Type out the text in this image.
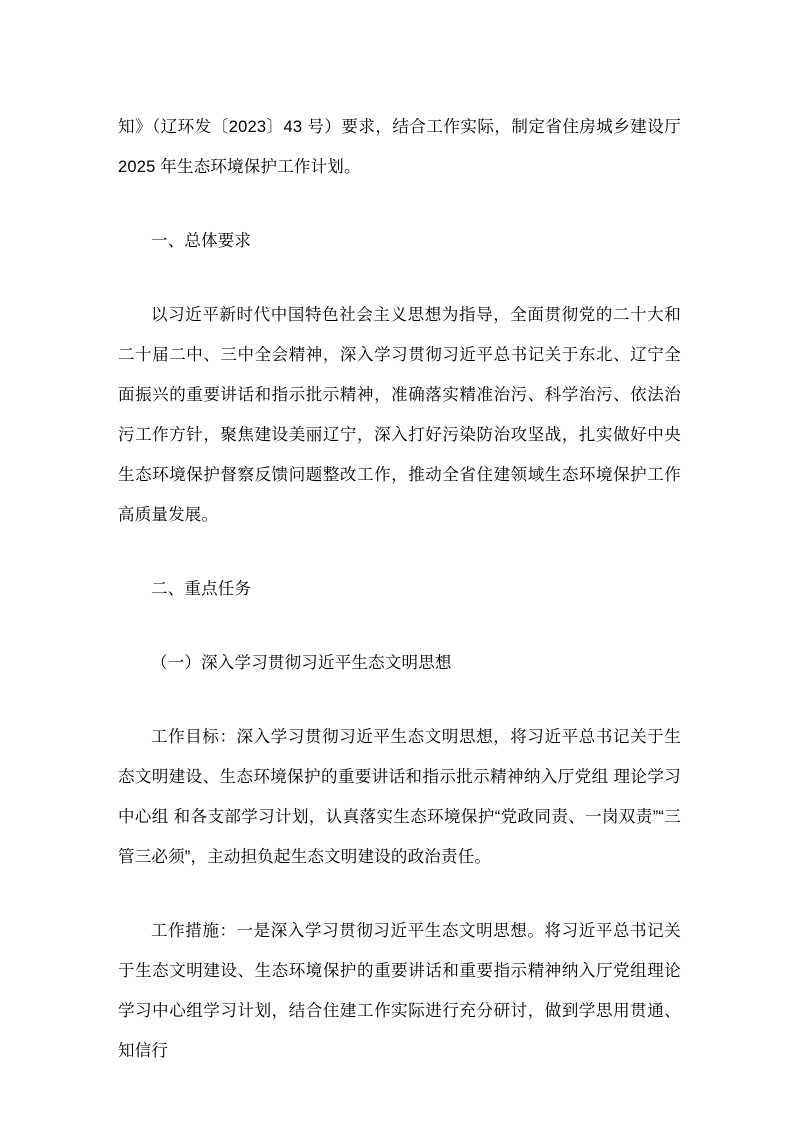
知》（辽环发〔2023〕43 号）要求，结合工作实际，制定省住房城乡建设厅 2025 年生态环境保护工作计划。

一、总体要求

以习近平新时代中国特色社会主义思想为指导，全面贯彻党的二十大和二十届二中、三中全会精神，深入学习贯彻习近平总书记关于东北、辽宁全面振兴的重要讲话和指示批示精神，准确落实精准治污、科学治污、依法治污工作方针，聚焦建设美丽辽宁，深入打好污染防治攻坚战，扎实做好中央生态环境保护督察反馈问题整改工作，推动全省住建领域生态环境保护工作高质量发展。

二、重点任务

（一）深入学习贯彻习近平生态文明思想

工作目标：深入学习贯彻习近平生态文明思想，将习近平总书记关于生态文明建设、生态环境保护的重要讲话和指示批示精神纳入厅党组 理论学习中心组 和各支部学习计划，认真落实生态环境保护“党政同责、一岗双责”“三管三必须”，主动担负起生态文明建设的政治责任。

工作措施：一是深入学习贯彻习近平生态文明思想。将习近平总书记关于生态文明建设、生态环境保护的重要讲话和重要指示精神纳入厅党组理论学习中心组学习计划，结合住建工作实际进行充分研讨，做到学思用贯通、知信行
